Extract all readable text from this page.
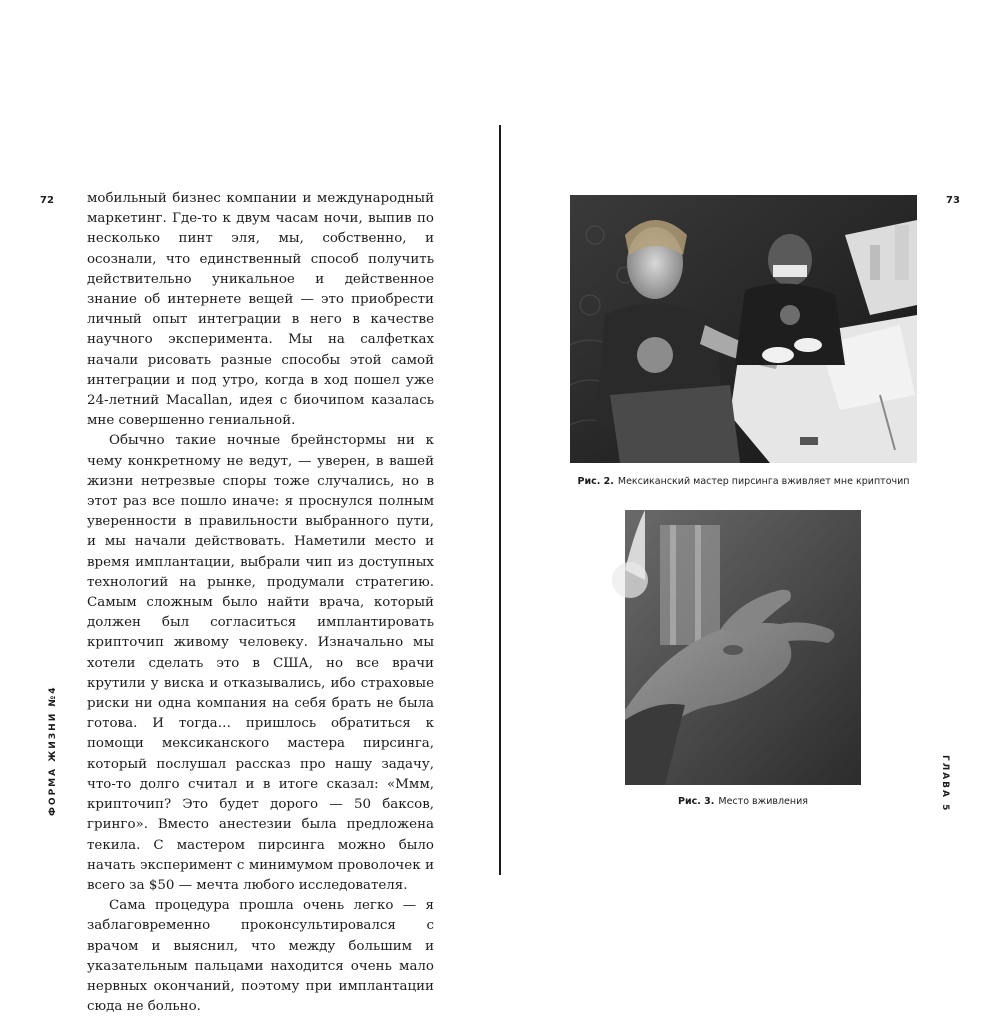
72
ФОРМА ЖИЗНИ №4

мобильный бизнес компании и международный маркетинг. Где-то к двум часам ночи, выпив по несколько пинт эля, мы, собственно, и осознали, что единственный способ получить действительно уникальное и действенное знание об интернете вещей — это приобрести личный опыт интеграции в него в качестве научного эксперимента. Мы на салфетках начали рисовать разные способы этой самой интеграции и под утро, когда в ход пошел уже 24-летний Macallan, идея с биочипом казалась мне совершенно гениальной.

Обычно такие ночные брейнстормы ни к чему конкретному не ведут, — уверен, в вашей жизни нетрезвые споры тоже случались, но в этот раз все пошло иначе: я проснулся полным уверенности в правильности выбранного пути, и мы начали действовать. Наметили место и время имплантации, выбрали чип из доступных технологий на рынке, продумали стратегию. Самым сложным было найти врача, который должен был согласиться имплантировать крипточип живому человеку. Изначально мы хотели сделать это в США, но все врачи крутили у виска и отказывались, ибо страховые риски ни одна компания на себя брать не была готова. И тогда… пришлось обратиться к помощи мексиканского мастера пирсинга, который послушал рассказ про нашу задачу, что-то долго считал и в итоге сказал: «Ммм, крипточип? Это будет дорого — 50 баксов, гринго». Вместо анестезии была предложена текила. С мастером пирсинга можно было начать эксперимент с минимумом проволочек и всего за $50 — мечта любого исследователя.

Сама процедура прошла очень легко — я заблаговременно проконсультировался с врачом и выяснил, что между большим и указательным пальцами находится очень мало нервных окончаний, поэтому при имплантации сюда не больно.

73
ГЛАВА 5
Рис. 2. Мексиканский мастер пирсинга вживляет мне крипточип
Рис. 3. Место вживления
